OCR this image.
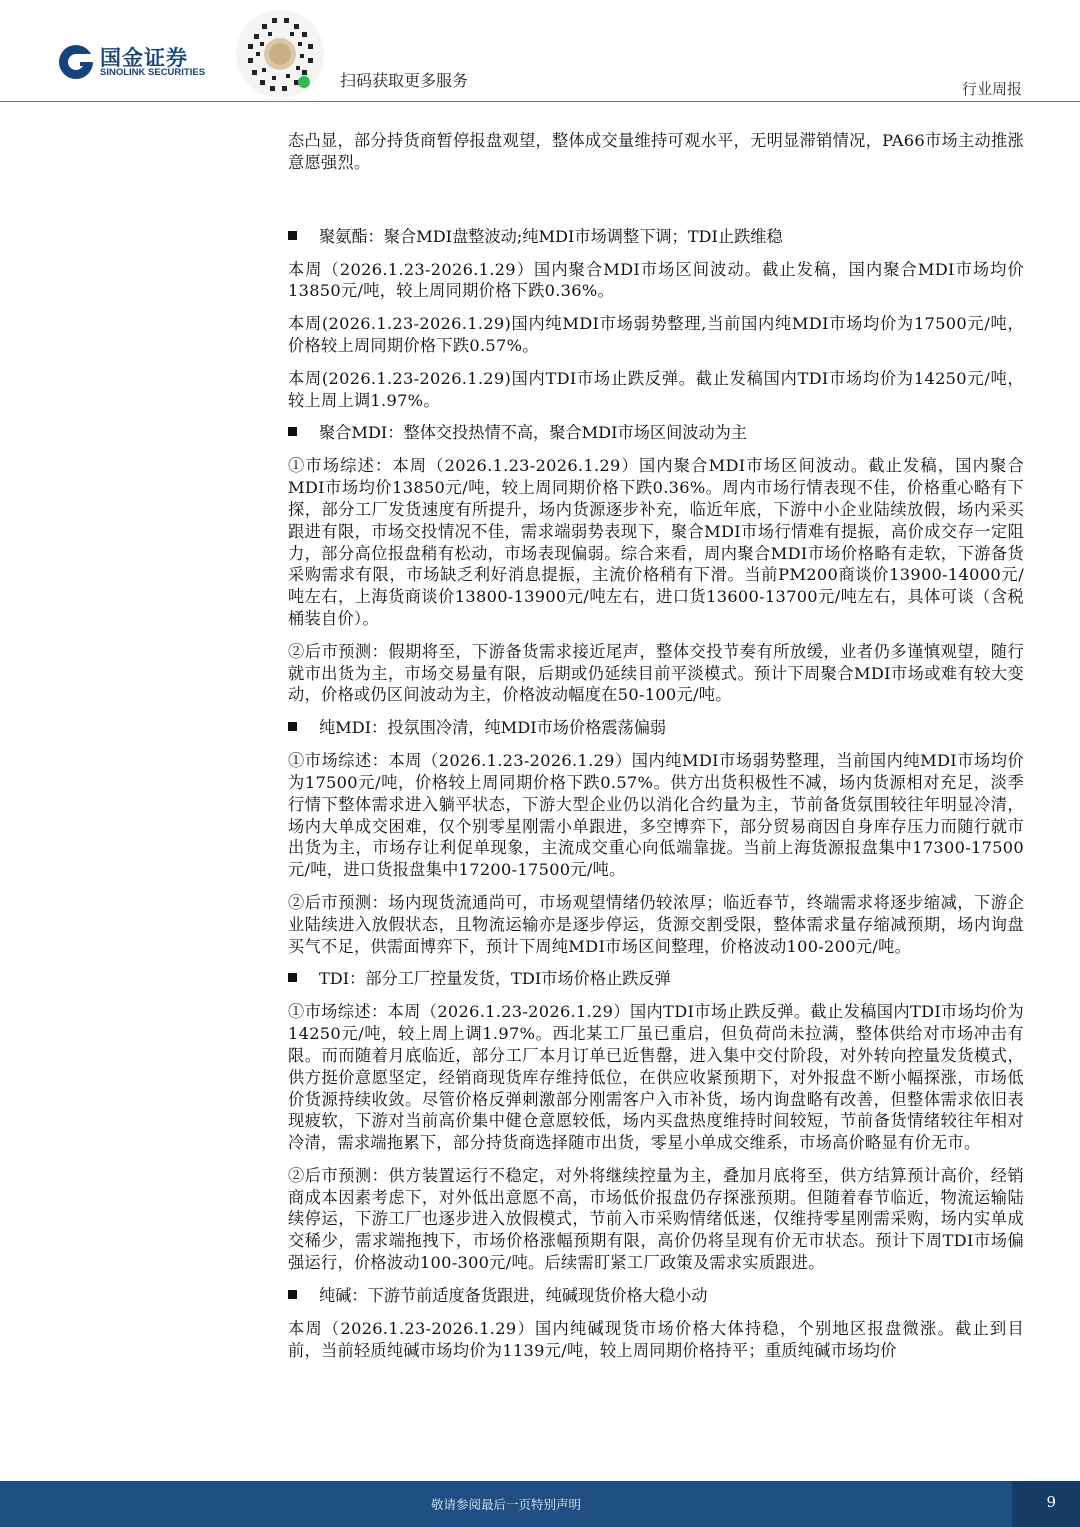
国金证券
SINOLINK SECURITIES	扫码获取更多服务	行业周报

态凸显，部分持货商暂停报盘观望，整体成交量维持可观水平，无明显滞销情况，PA66市场主动推涨意愿强烈。

聚氨酯：聚合MDI盘整波动;纯MDI市场调整下调；TDI止跌维稳

本周（2026.1.23-2026.1.29）国内聚合MDI市场区间波动。截止发稿，国内聚合MDI市场均价13850元/吨，较上周同期价格下跌0.36%。

本周(2026.1.23-2026.1.29)国内纯MDI市场弱势整理,当前国内纯MDI市场均价为17500元/吨，价格较上周同期价格下跌0.57%。

本周(2026.1.23-2026.1.29)国内TDI市场止跌反弹。截止发稿国内TDI市场均价为14250元/吨，较上周上调1.97%。

聚合MDI：整体交投热情不高，聚合MDI市场区间波动为主

①市场综述：本周（2026.1.23-2026.1.29）国内聚合MDI市场区间波动。截止发稿，国内聚合MDI市场均价13850元/吨，较上周同期价格下跌0.36%。周内市场行情表现不佳，价格重心略有下探，部分工厂发货速度有所提升，场内货源逐步补充，临近年底，下游中小企业陆续放假，场内采买跟进有限，市场交投情况不佳，需求端弱势表现下，聚合MDI市场行情难有提振，高价成交存一定阻力，部分高位报盘稍有松动，市场表现偏弱。综合来看，周内聚合MDI市场价格略有走软，下游备货采购需求有限，市场缺乏利好消息提振，主流价格稍有下滑。当前PM200商谈价13900-14000元/吨左右，上海货商谈价13800-13900元/吨左右，进口货13600-13700元/吨左右，具体可谈（含税桶装自价）。

②后市预测：假期将至，下游备货需求接近尾声，整体交投节奏有所放缓，业者仍多谨慎观望，随行就市出货为主，市场交易量有限，后期或仍延续目前平淡模式。预计下周聚合MDI市场或难有较大变动，价格或仍区间波动为主，价格波动幅度在50-100元/吨。

纯MDI：投氛围冷清，纯MDI市场价格震荡偏弱

①市场综述：本周（2026.1.23-2026.1.29）国内纯MDI市场弱势整理，当前国内纯MDI市场均价为17500元/吨，价格较上周同期价格下跌0.57%。供方出货积极性不减，场内货源相对充足，淡季行情下整体需求进入躺平状态，下游大型企业仍以消化合约量为主，节前备货氛围较往年明显冷清，场内大单成交困难，仅个别零星刚需小单跟进，多空博弈下，部分贸易商因自身库存压力而随行就市出货为主，市场存让利促单现象，主流成交重心向低端靠拢。当前上海货源报盘集中17300-17500元/吨，进口货报盘集中17200-17500元/吨。

②后市预测：场内现货流通尚可，市场观望情绪仍较浓厚；临近春节，终端需求将逐步缩减，下游企业陆续进入放假状态，且物流运输亦是逐步停运，货源交割受限，整体需求量存缩减预期，场内询盘买气不足，供需面博弈下，预计下周纯MDI市场区间整理，价格波动100-200元/吨。

TDI：部分工厂控量发货，TDI市场价格止跌反弹

①市场综述：本周（2026.1.23-2026.1.29）国内TDI市场止跌反弹。截止发稿国内TDI市场均价为14250元/吨，较上周上调1.97%。西北某工厂虽已重启，但负荷尚未拉满，整体供给对市场冲击有限。而而随着月底临近，部分工厂本月订单已近售罄，进入集中交付阶段，对外转向控量发货模式，供方挺价意愿坚定，经销商现货库存维持低位，在供应收紧预期下，对外报盘不断小幅探涨，市场低价货源持续收敛。尽管价格反弹刺激部分刚需客户入市补货，场内询盘略有改善，但整体需求依旧表现疲软，下游对当前高价集中健仓意愿较低，场内买盘热度维持时间较短，节前备货情绪较往年相对冷清，需求端拖累下，部分持货商选择随市出货，零星小单成交维系，市场高价略显有价无市。

②后市预测：供方装置运行不稳定，对外将继续控量为主，叠加月底将至，供方结算预计高价，经销商成本因素考虑下，对外低出意愿不高，市场低价报盘仍存探涨预期。但随着春节临近，物流运输陆续停运，下游工厂也逐步进入放假模式，节前入市采购情绪低迷，仅维持零星刚需采购，场内实单成交稀少，需求端拖拽下，市场价格涨幅预期有限，高价仍将呈现有价无市状态。预计下周TDI市场偏强运行，价格波动100-300元/吨。后续需盯紧工厂政策及需求实质跟进。

纯碱：下游节前适度备货跟进，纯碱现货价格大稳小动

本周（2026.1.23-2026.1.29）国内纯碱现货市场价格大体持稳，个别地区报盘微涨。截止到目前，当前轻质纯碱市场均价为1139元/吨，较上周同期价格持平；重质纯碱市场均价

敬请参阅最后一页特别声明	9
